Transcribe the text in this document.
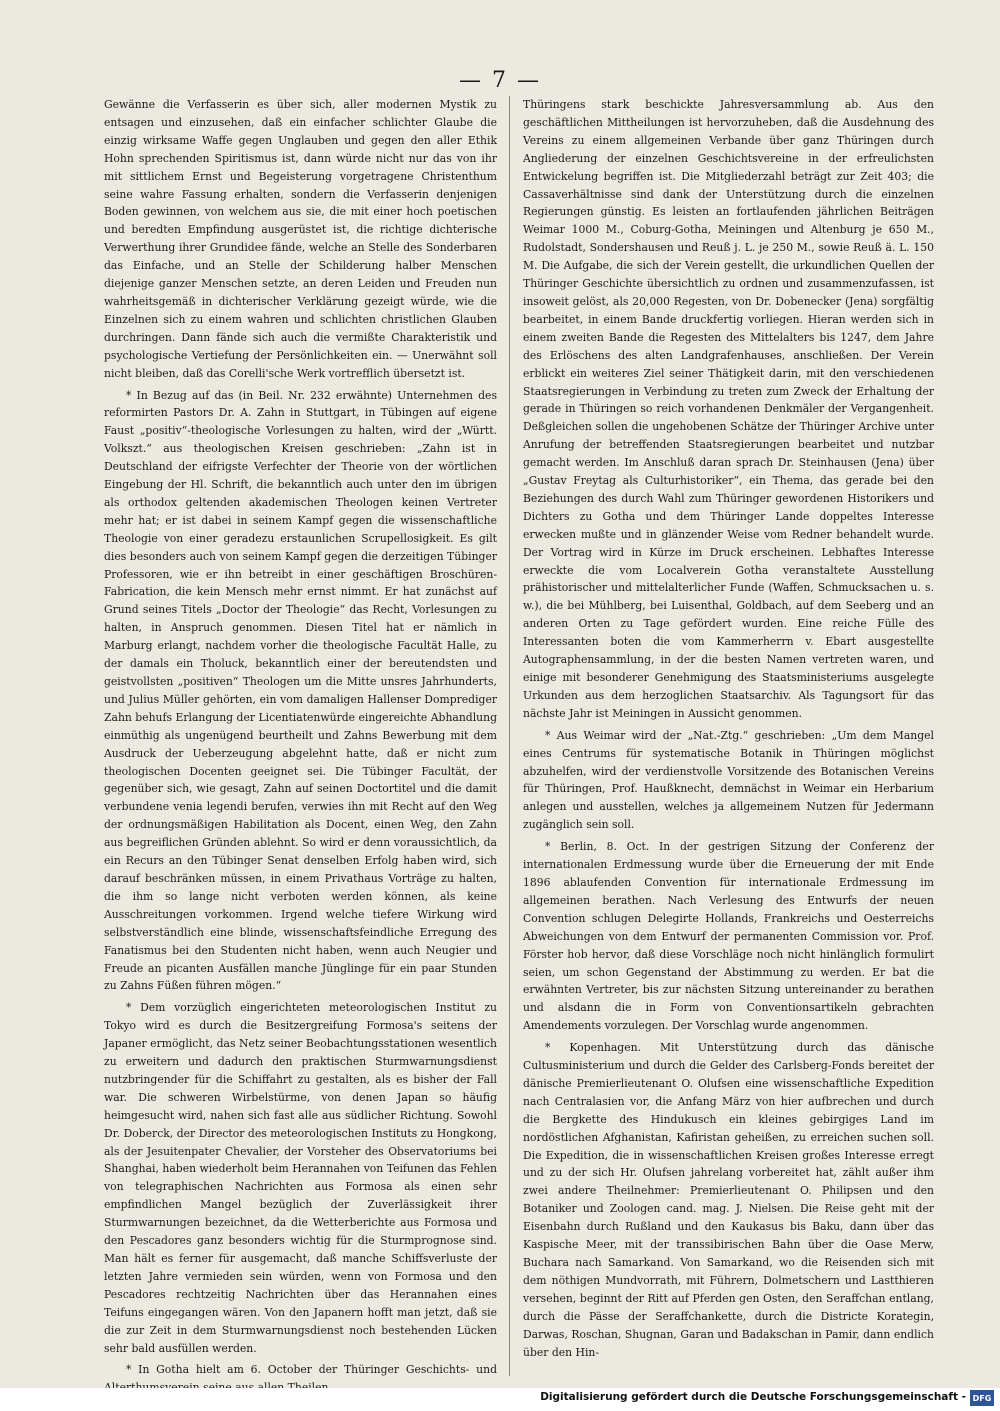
— 7 —

Gewänne die Verfasserin es über sich, aller modernen Mystik zu entsagen und einzusehen, daß ein einfacher schlichter Glaube die einzig wirksame Waffe gegen Unglauben und gegen den aller Ethik Hohn sprechenden Spiritismus ist, dann würde nicht nur das von ihr mit sittlichem Ernst und Begeisterung vorgetragene Christenthum seine wahre Fassung erhalten, sondern die Verfasserin denjenigen Boden gewinnen, von welchem aus sie, die mit einer hoch poetischen und beredten Empfindung ausgerüstet ist, die richtige dichterische Verwerthung ihrer Grundidee fände, welche an Stelle des Sonderbaren das Einfache, und an Stelle der Schilderung halber Menschen diejenige ganzer Menschen setzte, an deren Leiden und Freuden nun wahrheitsgemäß in dichterischer Verklärung gezeigt würde, wie die Einzelnen sich zu einem wahren und schlichten christlichen Glauben durchringen. Dann fände sich auch die vermißte Charakteristik und psychologische Vertiefung der Persönlichkeiten ein. — Unerwähnt soll nicht bleiben, daß das Corelli'sche Werk vortrefflich übersetzt ist.

* In Bezug auf das (in Beil. Nr. 232 erwähnte) Unternehmen des reformirten Pastors Dr. A. Zahn in Stuttgart, in Tübingen auf eigene Faust „positiv“-theologische Vorlesungen zu halten, wird der „Württ. Volkszt.“ aus theologischen Kreisen geschrieben: „Zahn ist in Deutschland der eifrigste Verfechter der Theorie von der wörtlichen Eingebung der Hl. Schrift, die bekanntlich auch unter den im übrigen als orthodox geltenden akademischen Theologen keinen Vertreter mehr hat; er ist dabei in seinem Kampf gegen die wissenschaftliche Theologie von einer geradezu erstaunlichen Scrupellosigkeit. Es gilt dies besonders auch von seinem Kampf gegen die derzeitigen Tübinger Professoren, wie er ihn betreibt in einer geschäftigen Broschüren-Fabrication, die kein Mensch mehr ernst nimmt. Er hat zunächst auf Grund seines Titels „Doctor der Theologie“ das Recht, Vorlesungen zu halten, in Anspruch genommen. Diesen Titel hat er nämlich in Marburg erlangt, nachdem vorher die theologische Facultät Halle, zu der damals ein Tholuck, bekanntlich einer der bereutendsten und geistvollsten „positiven“ Theologen um die Mitte unsres Jahrhunderts, und Julius Müller gehörten, ein vom damaligen Hallenser Domprediger Zahn behufs Erlangung der Licentiatenwürde eingereichte Abhandlung einmüthig als ungenügend beurtheilt und Zahns Bewerbung mit dem Ausdruck der Ueberzeugung abgelehnt hatte, daß er nicht zum theologischen Docenten geeignet sei. Die Tübinger Facultät, der gegenüber sich, wie gesagt, Zahn auf seinen Doctortitel und die damit verbundene venia legendi berufen, verwies ihn mit Recht auf den Weg der ordnungsmäßigen Habilitation als Docent, einen Weg, den Zahn aus begreiflichen Gründen ablehnt. So wird er denn voraussichtlich, da ein Recurs an den Tübinger Senat denselben Erfolg haben wird, sich darauf beschränken müssen, in einem Privathaus Vorträge zu halten, die ihm so lange nicht verboten werden können, als keine Ausschreitungen vorkommen. Irgend welche tiefere Wirkung wird selbstverständlich eine blinde, wissenschaftsfeindliche Erregung des Fanatismus bei den Studenten nicht haben, wenn auch Neugier und Freude an picanten Ausfällen manche Jünglinge für ein paar Stunden zu Zahns Füßen führen mögen.“

* Dem vorzüglich eingerichteten meteorologischen Institut zu Tokyo wird es durch die Besitzergreifung Formosa's seitens der Japaner ermöglicht, das Netz seiner Beobachtungsstationen wesentlich zu erweitern und dadurch den praktischen Sturmwarnungsdienst nutzbringender für die Schiffahrt zu gestalten, als es bisher der Fall war. Die schweren Wirbelstürme, von denen Japan so häufig heimgesucht wird, nahen sich fast alle aus südlicher Richtung. Sowohl Dr. Doberck, der Director des meteorologischen Instituts zu Hongkong, als der Jesuitenpater Chevalier, der Vorsteher des Observatoriums bei Shanghai, haben wiederholt beim Herannahen von Teifunen das Fehlen von telegraphischen Nachrichten aus Formosa als einen sehr empfindlichen Mangel bezüglich der Zuverlässigkeit ihrer Sturmwarnungen bezeichnet, da die Wetterberichte aus Formosa und den Pescadores ganz besonders wichtig für die Sturmprognose sind. Man hält es ferner für ausgemacht, daß manche Schiffsverluste der letzten Jahre vermieden sein würden, wenn von Formosa und den Pescadores rechtzeitig Nachrichten über das Herannahen eines Teifuns eingegangen wären. Von den Japanern hofft man jetzt, daß sie die zur Zeit in dem Sturmwarnungsdienst noch bestehenden Lücken sehr bald ausfüllen werden.

* In Gotha hielt am 6. October der Thüringer Geschichts- und

Thüringens stark beschickte Jahresversammlung ab. Aus den geschäftlichen Mittheilungen ist hervorzuheben, daß die Ausdehnung des Vereins zu einem allgemeinen Verbande über ganz Thüringen durch Angliederung der einzelnen Geschichtsvereine in der erfreulichsten Entwickelung begriffen ist. Die Mitgliederzahl beträgt zur Zeit 403; die Cassaverhältnisse sind dank der Unterstützung durch die einzelnen Regierungen günstig. Es leisten an fortlaufenden jährlichen Beiträgen Weimar 1000 M., Coburg-Gotha, Meiningen und Altenburg je 650 M., Rudolstadt, Sondershausen und Reuß j. L. je 250 M., sowie Reuß ä. L. 150 M. Die Aufgabe, die sich der Verein gestellt, die urkundlichen Quellen der Thüringer Geschichte übersichtlich zu ordnen und zusammenzufassen, ist insoweit gelöst, als 20,000 Regesten, von Dr. Dobenecker (Jena) sorgfältig bearbeitet, in einem Bande druckfertig vorliegen. Hieran werden sich in einem zweiten Bande die Regesten des Mittelalters bis 1247, dem Jahre des Erlöschens des alten Landgrafenhauses, anschließen. Der Verein erblickt ein weiteres Ziel seiner Thätigkeit darin, mit den verschiedenen Staatsregierungen in Verbindung zu treten zum Zweck der Erhaltung der gerade in Thüringen so reich vorhandenen Denkmäler der Vergangenheit. Deßgleichen sollen die ungehobenen Schätze der Thüringer Archive unter Anrufung der betreffenden Staatsregierungen bearbeitet und nutzbar gemacht werden. Im Anschluß daran sprach Dr. Steinhausen (Jena) über „Gustav Freytag als Culturhistoriker“, ein Thema, das gerade bei den Beziehungen des durch Wahl zum Thüringer gewordenen Historikers und Dichters zu Gotha und dem Thüringer Lande doppeltes Interesse erwecken mußte und in glänzender Weise vom Redner behandelt wurde. Der Vortrag wird in Kürze im Druck erscheinen. Lebhaftes Interesse erweckte die vom Localverein Gotha veranstaltete Ausstellung prähistorischer und mittelalterlicher Funde (Waffen, Schmucksachen u. s. w.), die bei Mühlberg, bei Luisenthal, Goldbach, auf dem Seeberg und an anderen Orten zu Tage gefördert wurden. Eine reiche Fülle des Interessanten boten die vom Kammerherrn v. Ebart ausgestellte Autographensammlung, in der die besten Namen vertreten waren, und einige mit besonderer Genehmigung des Staatsministeriums ausgelegte Urkunden aus dem herzoglichen Staatsarchiv. Als Tagungsort für das nächste Jahr ist Meiningen in Aussicht genommen.

* Aus Weimar wird der „Nat.-Ztg.“ geschrieben: „Um dem Mangel eines Centrums für systematische Botanik in Thüringen möglichst abzuhelfen, wird der verdienstvolle Vorsitzende des Botanischen Vereins für Thüringen, Prof. Haußknecht, demnächst in Weimar ein Herbarium anlegen und ausstellen, welches ja allgemeinem Nutzen für Jedermann zugänglich sein soll.

* Berlin, 8. Oct. In der gestrigen Sitzung der Conferenz der internationalen Erdmessung wurde über die Erneuerung der mit Ende 1896 ablaufenden Convention für internationale Erdmessung im allgemeinen berathen. Nach Verlesung des Entwurfs der neuen Convention schlugen Delegirte Hollands, Frankreichs und Oesterreichs Abweichungen von dem Entwurf der permanenten Commission vor. Prof. Förster hob hervor, daß diese Vorschläge noch nicht hinlänglich formulirt seien, um schon Gegenstand der Abstimmung zu werden. Er bat die erwähnten Vertreter, bis zur nächsten Sitzung untereinander zu berathen und alsdann die in Form von Conventionsartikeln gebrachten Amendements vorzulegen. Der Vorschlag wurde angenommen.

* Kopenhagen. Mit Unterstützung durch das dänische Cultusministerium und durch die Gelder des Carlsberg-Fonds bereitet der dänische Premierlieutenant O. Olufsen eine wissenschaftliche Expedition nach Centralasien vor, die Anfang März von hier aufbrechen und durch die Bergkette des Hindukusch ein kleines gebirgiges Land im nordöstlichen Afghanistan, Kafiristan geheißen, zu erreichen suchen soll. Die Expedition, die in wissenschaftlichen Kreisen großes Interesse erregt und zu der sich Hr. Olufsen jahrelang vorbereitet hat, zählt außer ihm zwei andere Theilnehmer: Premierlieutenant O. Philipsen und den Botaniker und Zoologen cand. mag. J. Nielsen. Die Reise geht mit der Eisenbahn durch Rußland und den Kaukasus bis Baku, dann über das Kaspische Meer, mit der transsibirischen Bahn über die Oase Merw, Buchara nach Samarkand. Von Samarkand, wo die Reisenden sich mit dem nöthigen Mundvorrath, mit Führern, Dolmetschern und Lastthieren versehen, beginnt der Ritt auf Pferden gen Osten, den Seraffchan entlang, durch die Pässe der Seraffchankette, durch die Districte Korategin, Darwas, Roschan, Shugnan, Garan und Badakschan in Pamir, dann endlich über den Hin-

Digitalisierung gefördert durch die Deutsche Forschungsgemeinschaft - DFG
